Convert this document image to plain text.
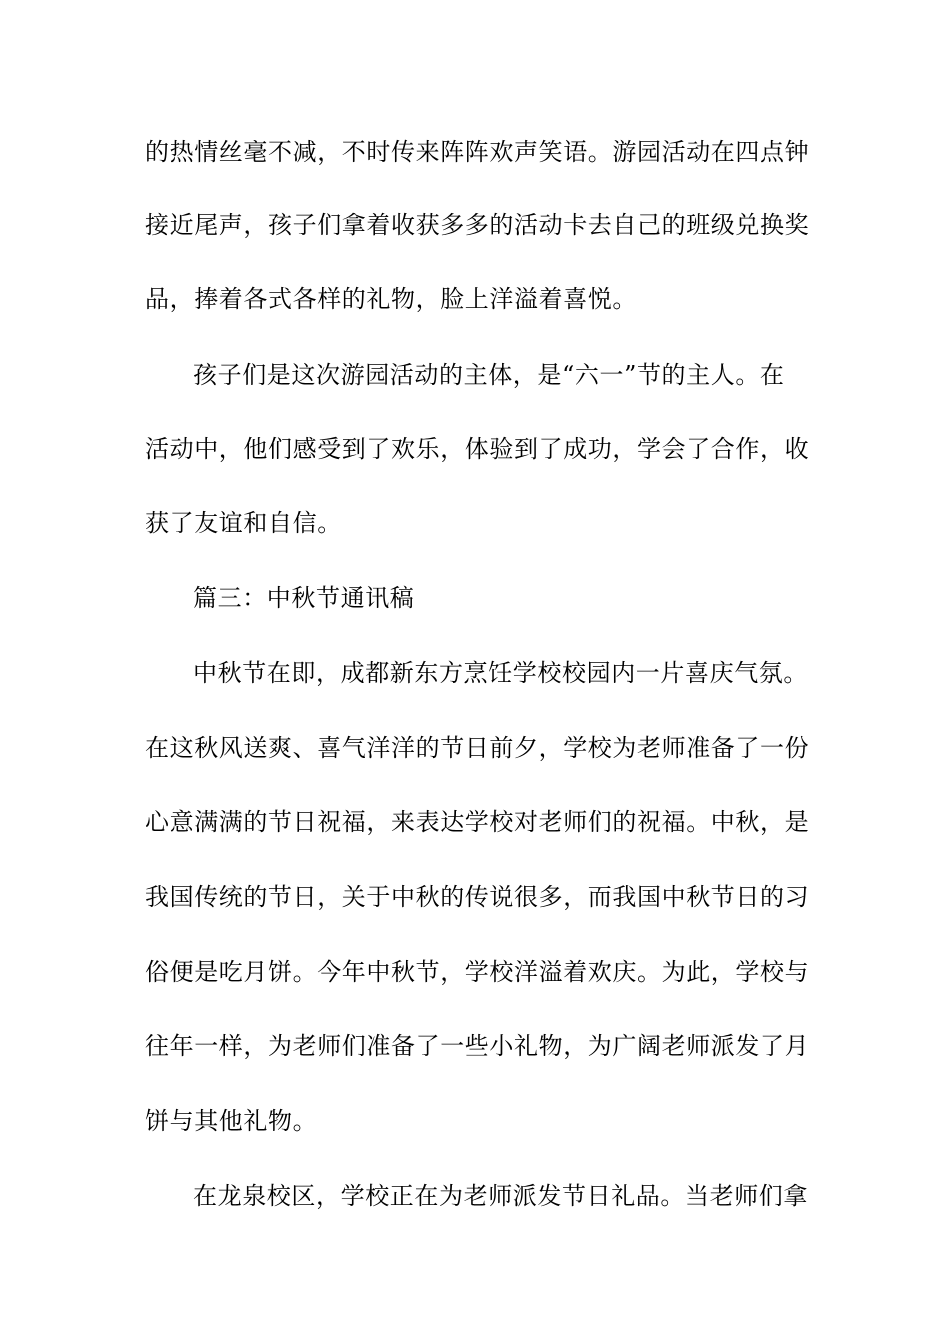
的热情丝毫不减，不时传来阵阵欢声笑语。游园活动在四点钟
接近尾声，孩子们拿着收获多多的活动卡去自己的班级兑换奖
品，捧着各式各样的礼物，脸上洋溢着喜悦。
孩子们是这次游园活动的主体，是“六一”节的主人。在
活动中，他们感受到了欢乐，体验到了成功，学会了合作，收
获了友谊和自信。
篇三：中秋节通讯稿
中秋节在即，成都新东方烹饪学校校园内一片喜庆气氛。
在这秋风送爽、喜气洋洋的节日前夕，学校为老师准备了一份
心意满满的节日祝福，来表达学校对老师们的祝福。中秋，是
我国传统的节日，关于中秋的传说很多，而我国中秋节日的习
俗便是吃月饼。今年中秋节，学校洋溢着欢庆。为此，学校与
往年一样，为老师们准备了一些小礼物，为广阔老师派发了月
饼与其他礼物。
在龙泉校区，学校正在为老师派发节日礼品。当老师们拿
